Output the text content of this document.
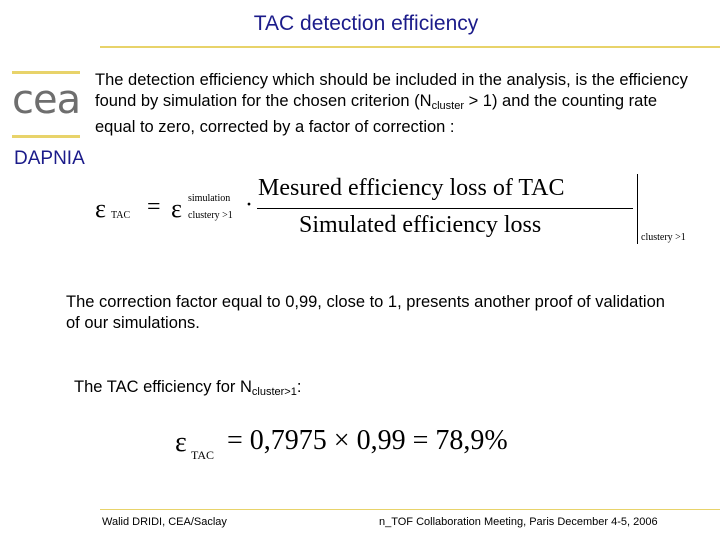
TAC detection efficiency
cea
DAPNIA
The detection efficiency which should be included in the analysis, is the efficiency found by simulation for the chosen criterion $(N_{cluster} > 1)$ and the counting rate equal to zero, corrected by a factor of correction :
ε TAC = ε simulation
clustery >1 ·
Mesured efficiency loss of TAC
Simulated efficiency loss	clustery >1
The correction factor equal to 0,99, close to 1, presents another proof of validation of our simulations.
The TAC efficiency for $N_{cluster>1}$:
ε TAC = 0,7975 × 0,99 = 78,9%
Walid DRIDI, CEA/Saclay	n_TOF Collaboration Meeting, Paris December 4-5, 2006
